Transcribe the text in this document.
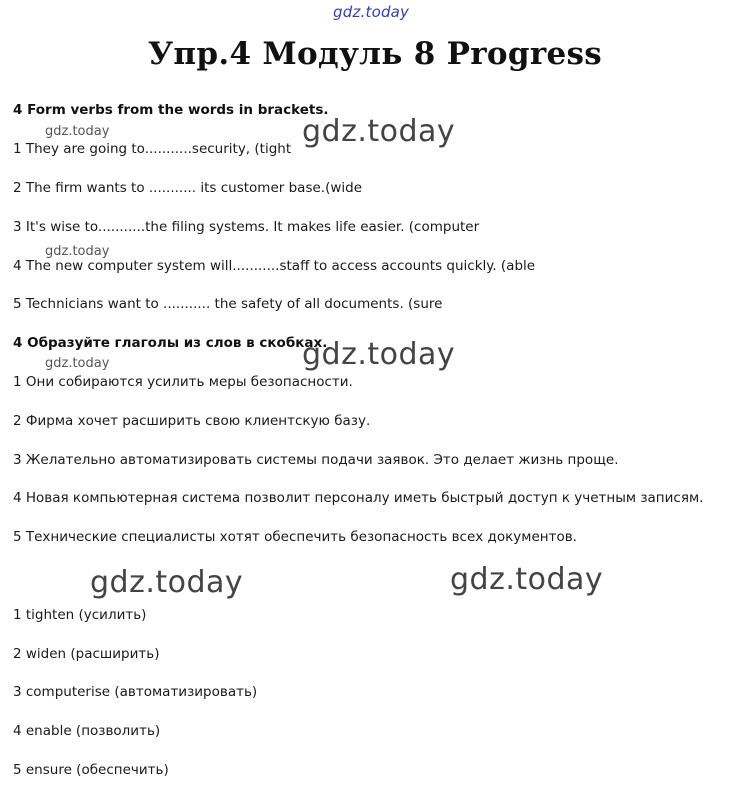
gdz.today
Упр.4 Модуль 8 Progress
4 Form verbs from the words in brackets.
gdz.today	gdz.today
1 They are going to...........security, (tight
2 The firm wants to ........... its customer base.(wide
3 It's wise to...........the filing systems. It makes life easier. (computer
gdz.today
4 The new computer system will...........staff to access accounts quickly. (able
5 Technicians want to ........... the safety of all documents. (sure
4 Образуйте глаголы из слов в скобках.
gdz.today
gdz.today
1 Они собираются усилить меры безопасности.
2 Фирма хочет расширить свою клиентскую базу.
3 Желательно автоматизировать системы подачи заявок. Это делает жизнь проще.
4 Новая компьютерная система позволит персоналу иметь быстрый доступ к учетным записям.
5 Технические специалисты хотят обеспечить безопасность всех документов.
gdz.today	gdz.today
1 tighten (усилить)
2 widen (расширить)
3 computerise (автоматизировать)
4 enable (позволить)
5 ensure (обеспечить)
